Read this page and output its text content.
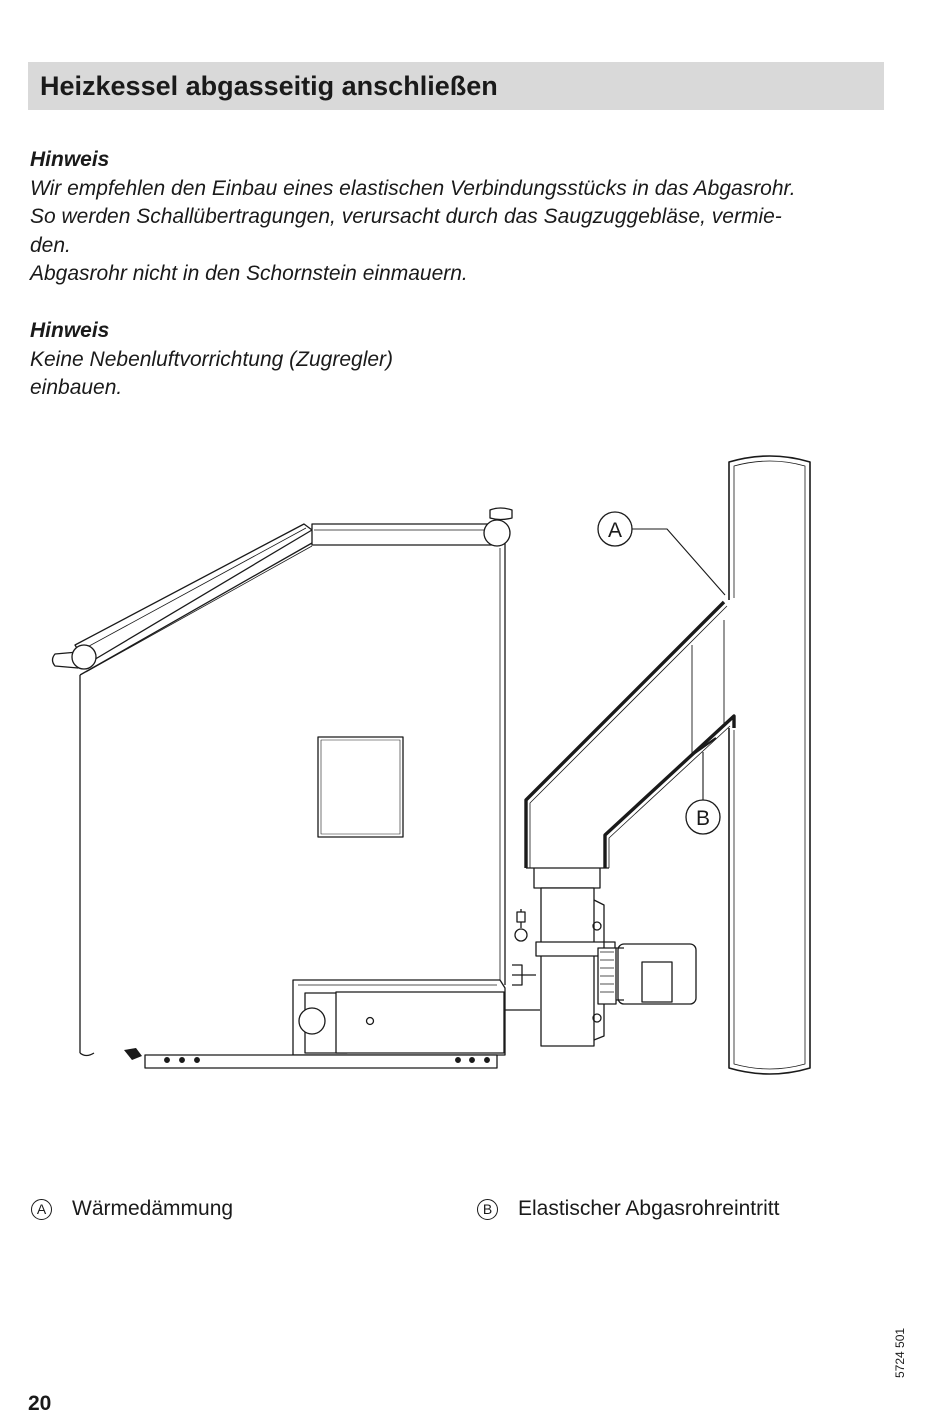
Heizkessel abgasseitig anschließen

Hinweis

Wir empfehlen den Einbau eines elastischen Verbindungsstücks in das Abgasrohr.

So werden Schallübertragungen, verursacht durch das Saugzuggebläse, vermie-

den.

Abgasrohr nicht in den Schornstein einmauern.

Hinweis

Keine Nebenluftvorrichtung (Zugregler)

einbauen.

A
B
A Wärmedämmung	B Elastischer Abgasrohreintritt
5724 501
20
